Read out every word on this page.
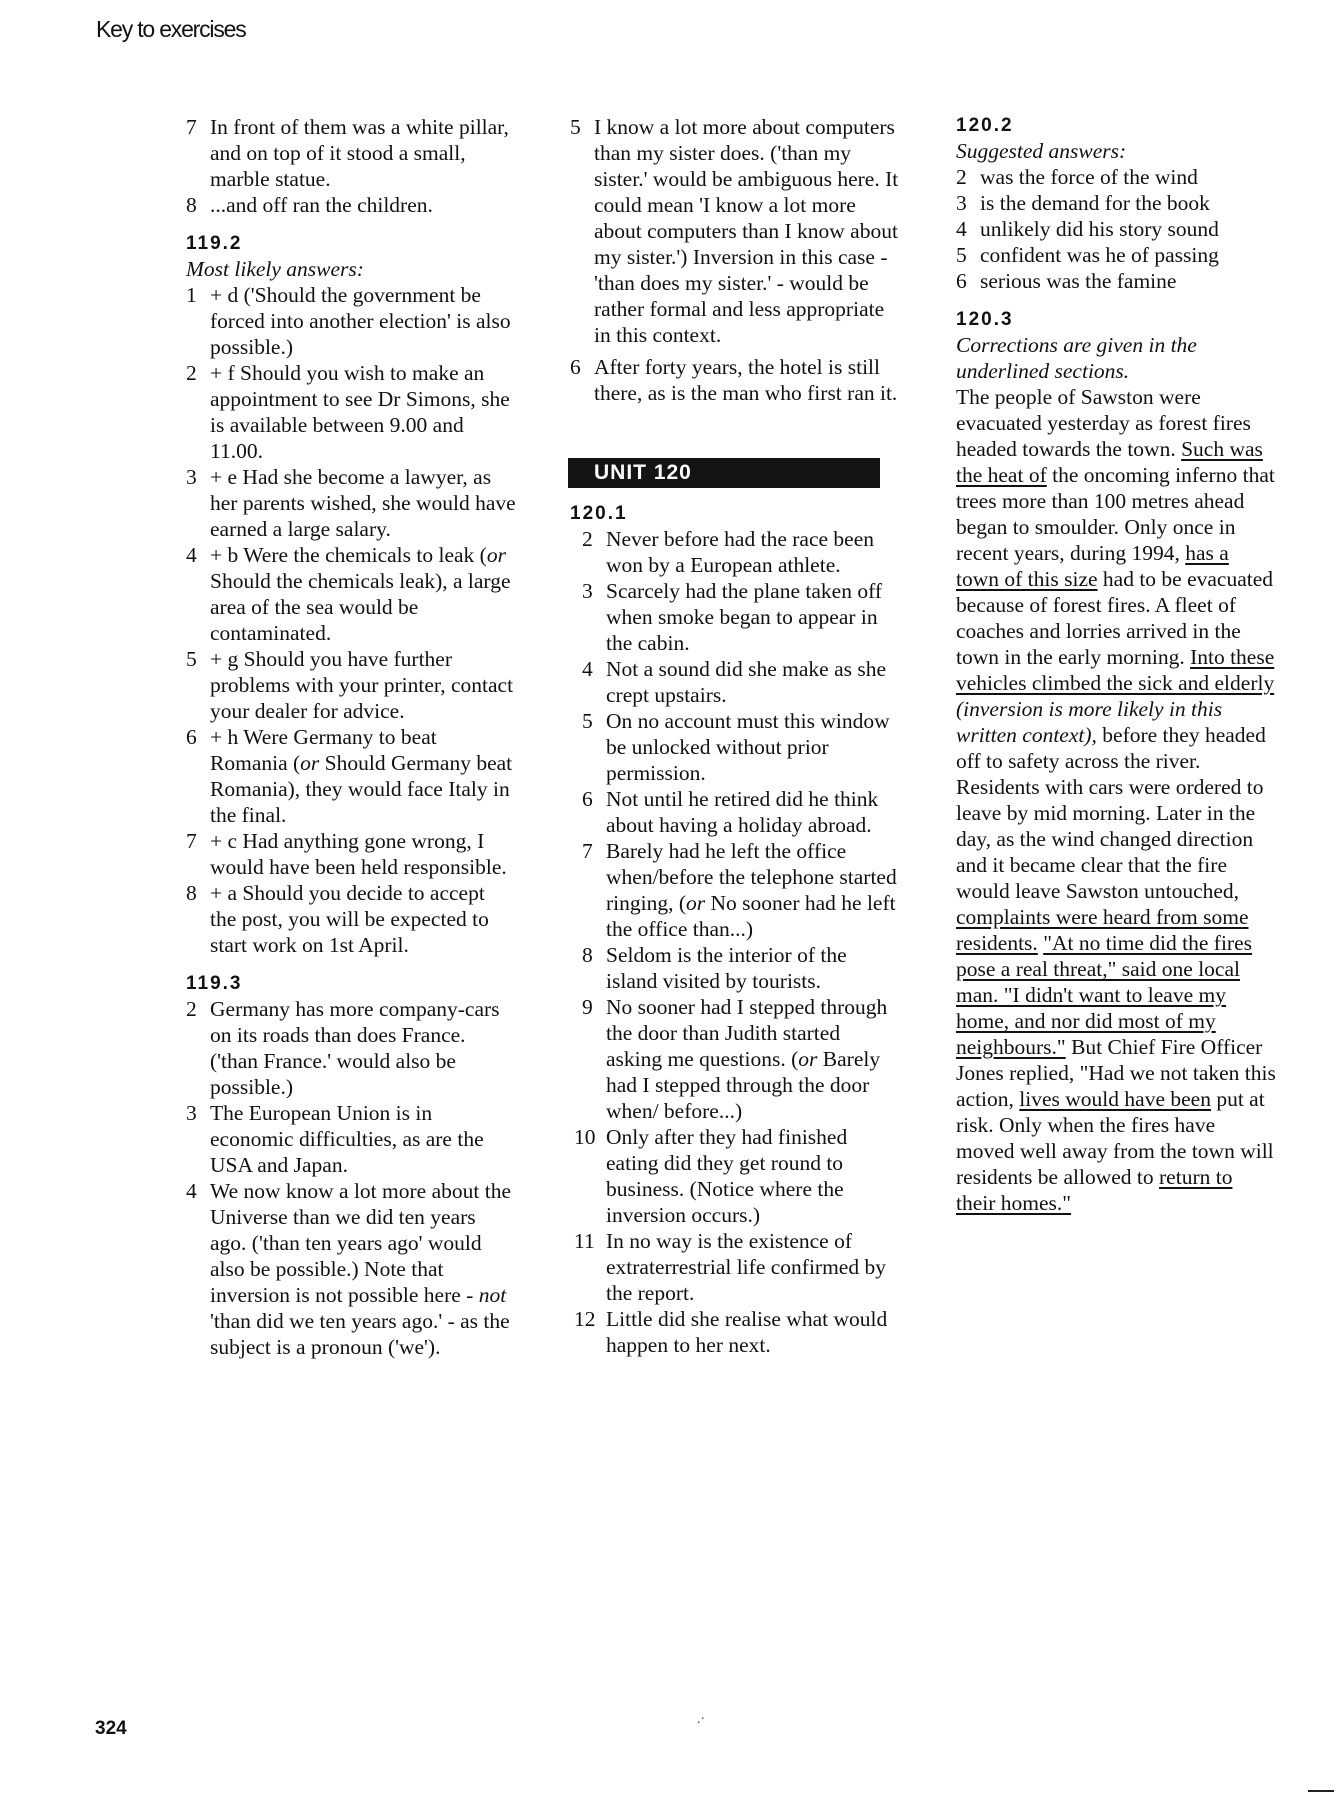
Key to exercises
7 In front of them was a white pillar, and on top of it stood a small, marble statue.
8 ...and off ran the children.
119.2
Most likely answers:
1 + d ('Should the government be forced into another election' is also possible.)
2 + f Should you wish to make an appointment to see Dr Simons, she is available between 9.00 and 11.00.
3 + e Had she become a lawyer, as her parents wished, she would have earned a large salary.
4 + b Were the chemicals to leak (or Should the chemicals leak), a large area of the sea would be contaminated.
5 + g Should you have further problems with your printer, contact your dealer for advice.
6 + h Were Germany to beat Romania (or Should Germany beat Romania), they would face Italy in the final.
7 + c Had anything gone wrong, I would have been held responsible.
8 + a Should you decide to accept the post, you will be expected to start work on 1st April.
119.3
2 Germany has more company-cars on its roads than does France. ('than France.' would also be possible.)
3 The European Union is in economic difficulties, as are the USA and Japan.
4 We now know a lot more about the Universe than we did ten years ago. ('than ten years ago' would also be possible.) Note that inversion is not possible here - not 'than did we ten years ago.' - as the subject is a pronoun ('we').
5 I know a lot more about computers than my sister does. ('than my sister.' would be ambiguous here. It could mean 'I know a lot more about computers than I know about my sister.') Inversion in this case - 'than does my sister.' - would be rather formal and less appropriate in this context.
6 After forty years, the hotel is still there, as is the man who first ran it.
UNIT 120
120.1
2 Never before had the race been won by a European athlete.
3 Scarcely had the plane taken off when smoke began to appear in the cabin.
4 Not a sound did she make as she crept upstairs.
5 On no account must this window be unlocked without prior permission.
6 Not until he retired did he think about having a holiday abroad.
7 Barely had he left the office when/before the telephone started ringing, (or No sooner had he left the office than...)
8 Seldom is the interior of the island visited by tourists.
9 No sooner had I stepped through the door than Judith started asking me questions. (or Barely had I stepped through the door when/ before...)
10 Only after they had finished eating did they get round to business. (Notice where the inversion occurs.)
11 In no way is the existence of extraterrestrial life confirmed by the report.
12 Little did she realise what would happen to her next.
120.2
Suggested answers:
2 was the force of the wind
3 is the demand for the book
4 unlikely did his story sound
5 confident was he of passing
6 serious was the famine
120.3
Corrections are given in the underlined sections.

The people of Sawston were evacuated yesterday as forest fires headed towards the town. Such was the heat of the oncoming inferno that trees more than 100 metres ahead began to smoulder. Only once in recent years, during 1994, has a town of this size had to be evacuated because of forest fires. A fleet of coaches and lorries arrived in the town in the early morning. Into these vehicles climbed the sick and elderly (inversion is more likely in this written context), before they headed off to safety across the river. Residents with cars were ordered to leave by mid morning. Later in the day, as the wind changed direction and it became clear that the fire would leave Sawston untouched, complaints were heard from some residents. "At no time did the fires pose a real threat," said one local man. "I didn't want to leave my home, and nor did most of my neighbours." But Chief Fire Officer Jones replied, "Had we not taken this action, lives would have been put at risk. Only when the fires have moved well away from the town will residents be allowed to return to their homes."

.·
324
